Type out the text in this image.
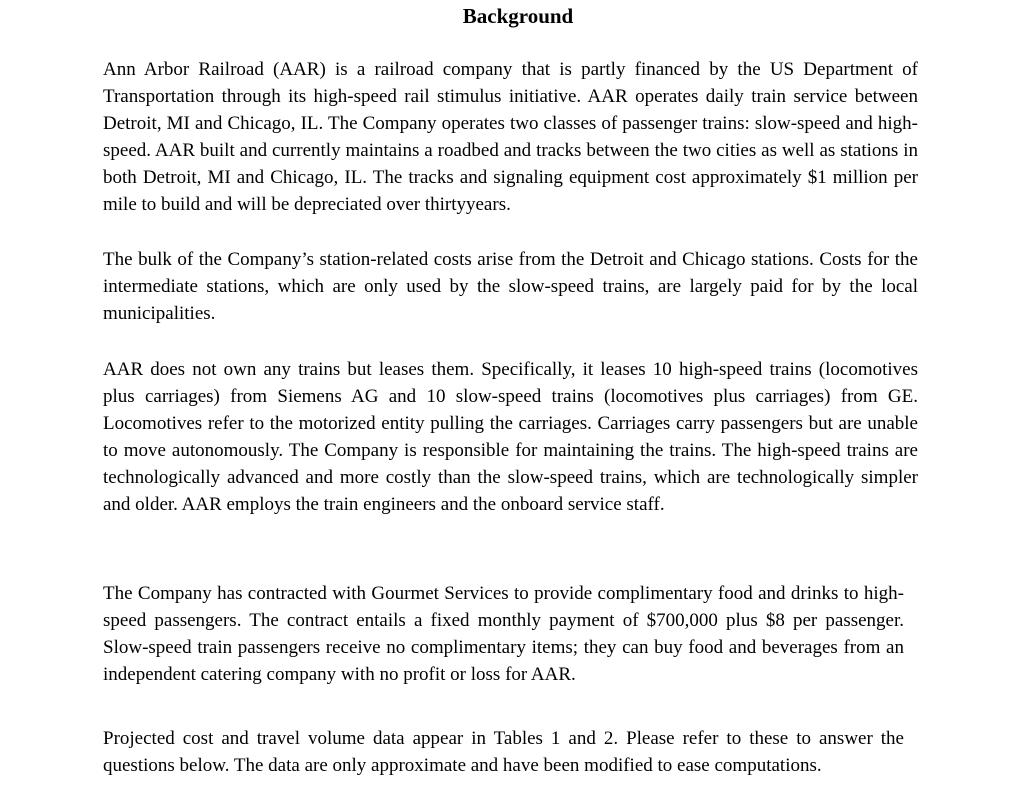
Background

Ann Arbor Railroad (AAR) is a railroad company that is partly financed by the US Department of Transportation through its high-speed rail stimulus initiative. AAR operates daily train service between Detroit, MI and Chicago, IL. The Company operates two classes of passenger trains: slow-speed and high-speed. AAR built and currently maintains a roadbed and tracks between the two cities as well as stations in both Detroit, MI and Chicago, IL. The tracks and signaling equipment cost approximately $1 million per mile to build and will be depreciated over thirtyyears.

The bulk of the Company’s station-related costs arise from the Detroit and Chicago stations. Costs for the intermediate stations, which are only used by the slow-speed trains, are largely paid for by the local municipalities.

AAR does not own any trains but leases them. Specifically, it leases 10 high-speed trains (locomotives plus carriages) from Siemens AG and 10 slow-speed trains (locomotives plus carriages) from GE. Locomotives refer to the motorized entity pulling the carriages. Carriages carry passengers but are unable to move autonomously. The Company is responsible for maintaining the trains. The high-speed trains are technologically advanced and more costly than the slow-speed trains, which are technologically simpler and older. AAR employs the train engineers and the onboard service staff.

The Company has contracted with Gourmet Services to provide complimentary food and drinks to high-speed passengers. The contract entails a fixed monthly payment of $700,000 plus $8 per passenger. Slow-speed train passengers receive no complimentary items; they can buy food and beverages from an independent catering company with no profit or loss for AAR.

Projected cost and travel volume data appear in Tables 1 and 2. Please refer to these to answer the questions below. The data are only approximate and have been modified to ease computations.
